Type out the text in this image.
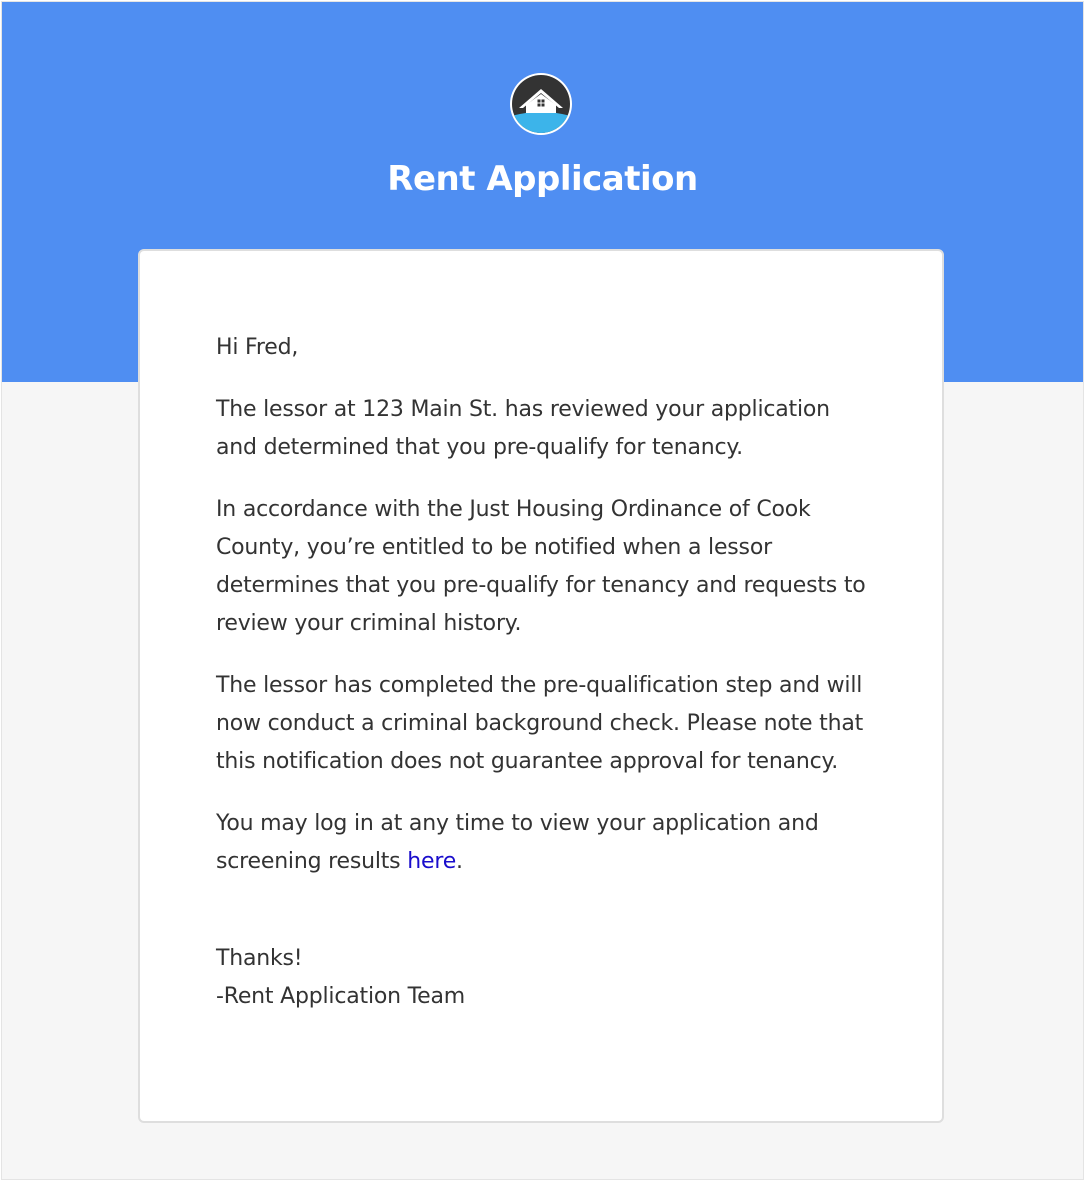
Rent Application

Hi Fred,

The lessor at 123 Main St. has reviewed your application and determined that you pre-qualify for tenancy.

In accordance with the Just Housing Ordinance of Cook County, you’re entitled to be notified when a lessor determines that you pre-qualify for tenancy and requests to review your criminal history.

The lessor has completed the pre-qualification step and will now conduct a criminal background check. Please note that this notification does not guarantee approval for tenancy.

You may log in at any time to view your application and screening results here.

Thanks!
-Rent Application Team
